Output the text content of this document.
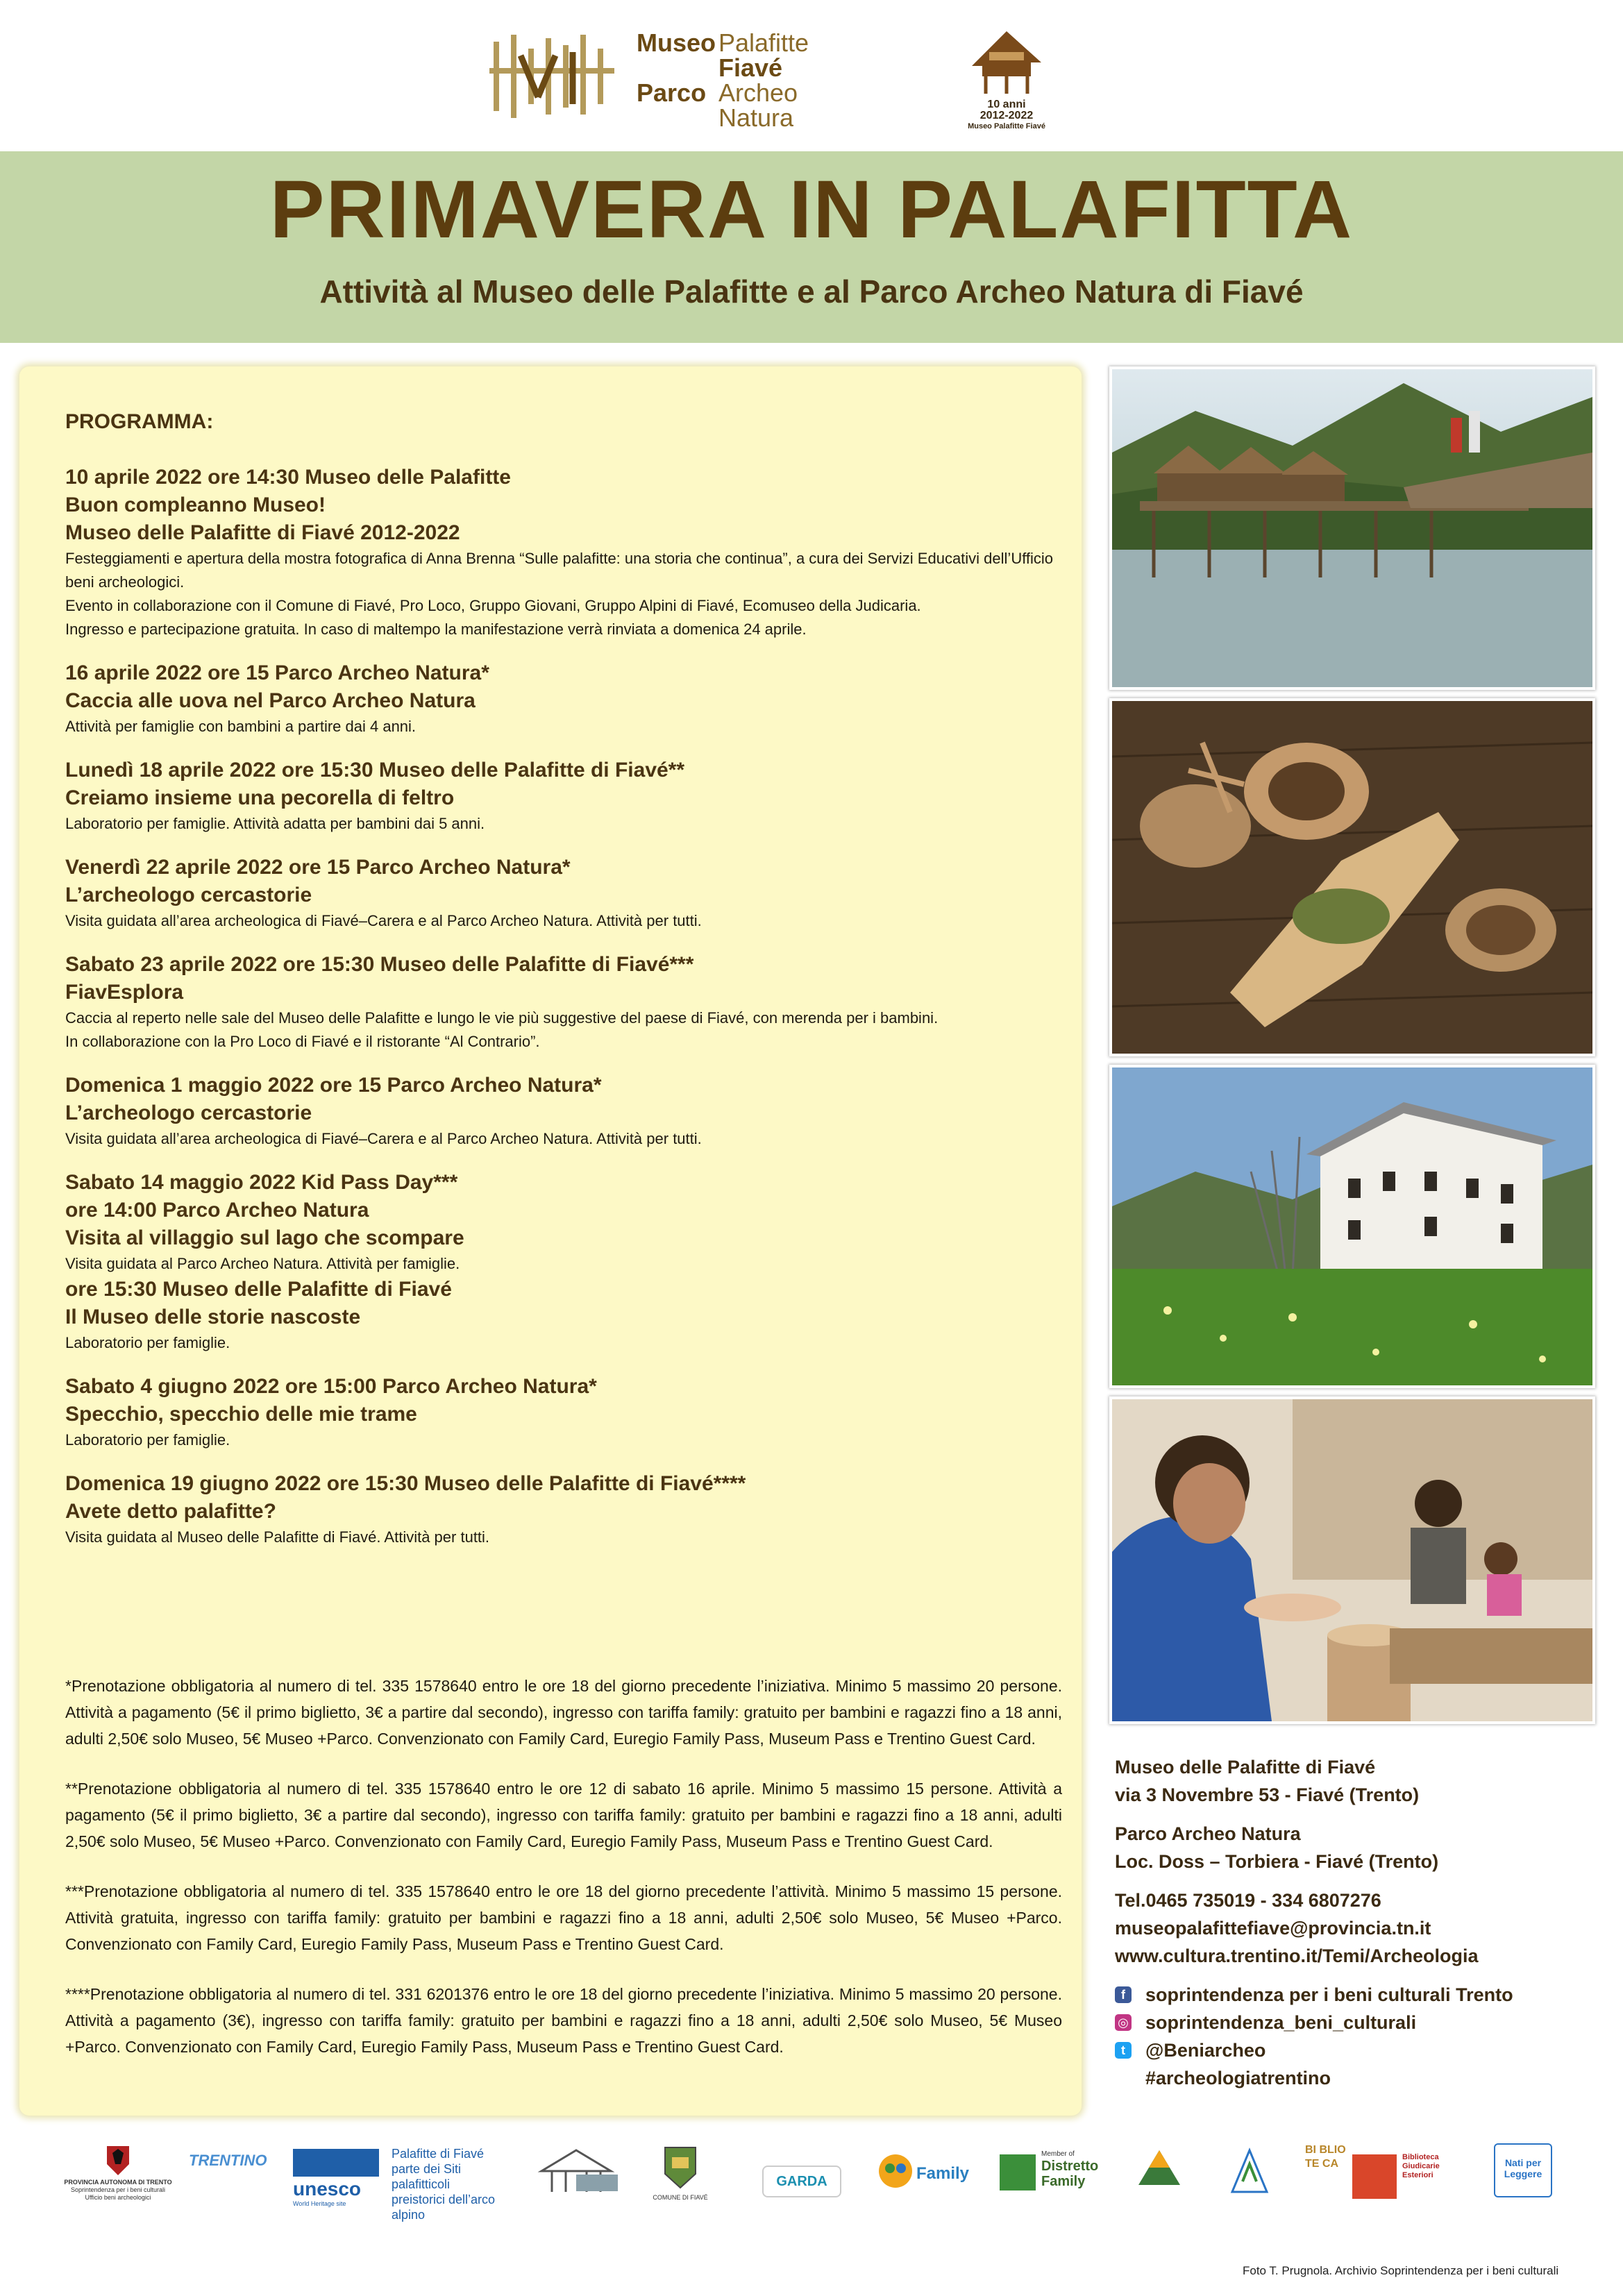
Museo Palafitte
Fiavé
Parco Archeo
Natura	10 anni
2012-2022
Museo Palafitte Fiavé
PRIMAVERA IN PALAFITTA
Attività al Museo delle Palafitte e al Parco Archeo Natura di Fiavé
PROGRAMMA:
10 aprile 2022 ore 14:30 Museo delle Palafitte
Buon compleanno Museo!
Museo delle Palafitte di Fiavé 2012-2022
Festeggiamenti e apertura della mostra fotografica di Anna Brenna “Sulle palafitte: una storia che continua”, a cura dei Servizi Educativi dell’Ufficio beni archeologici.
Evento in collaborazione con il Comune di Fiavé, Pro Loco, Gruppo Giovani, Gruppo Alpini di Fiavé, Ecomuseo della Judicaria.
Ingresso e partecipazione gratuita. In caso di maltempo la manifestazione verrà rinviata a domenica 24 aprile.
16 aprile 2022 ore 15 Parco Archeo Natura*
Caccia alle uova nel Parco Archeo Natura
Attività per famiglie con bambini a partire dai 4 anni.
Lunedì 18 aprile 2022 ore 15:30 Museo delle Palafitte di Fiavé**
Creiamo insieme una pecorella di feltro
Laboratorio per famiglie. Attività adatta per bambini dai 5 anni.
Venerdì 22 aprile 2022 ore 15 Parco Archeo Natura*
L’archeologo cercastorie
Visita guidata all’area archeologica di Fiavé–Carera e al Parco Archeo Natura. Attività per tutti.
Sabato 23 aprile 2022 ore 15:30 Museo delle Palafitte di Fiavé***
FiavEsplora
Caccia al reperto nelle sale del Museo delle Palafitte e lungo le vie più suggestive del paese di Fiavé, con merenda per i bambini.
In collaborazione con la Pro Loco di Fiavé e il ristorante “Al Contrario”.
Domenica 1 maggio 2022 ore 15 Parco Archeo Natura*
L’archeologo cercastorie
Visita guidata all’area archeologica di Fiavé–Carera e al Parco Archeo Natura. Attività per tutti.
Sabato 14 maggio 2022 Kid Pass Day***
ore 14:00 Parco Archeo Natura
Visita al villaggio sul lago che scompare
Visita guidata al Parco Archeo Natura. Attività per famiglie.
ore 15:30 Museo delle Palafitte di Fiavé
Il Museo delle storie nascoste
Laboratorio per famiglie.
Sabato 4 giugno 2022 ore 15:00 Parco Archeo Natura*
Specchio, specchio delle mie trame
Laboratorio per famiglie.
Domenica 19 giugno 2022 ore 15:30 Museo delle Palafitte di Fiavé****
Avete detto palafitte?
Visita guidata al Museo delle Palafitte di Fiavé. Attività per tutti.
*Prenotazione obbligatoria al numero di tel. 335 1578640 entro le ore 18 del giorno precedente l’iniziativa. Minimo 5 massimo 20 persone. Attività a pagamento (5€ il primo biglietto, 3€ a partire dal secondo), ingresso con tariffa family: gratuito per bambini e ragazzi fino a 18 anni, adulti 2,50€ solo Museo, 5€ Museo +Parco. Convenzionato con Family Card, Euregio Family Pass, Museum Pass e Trentino Guest Card.
**Prenotazione obbligatoria al numero di tel. 335 1578640 entro le ore 12 di sabato 16 aprile. Minimo 5 massimo 15 persone. Attività a pagamento (5€ il primo biglietto, 3€ a partire dal secondo), ingresso con tariffa family: gratuito per bambini e ragazzi fino a 18 anni, adulti 2,50€ solo Museo, 5€ Museo +Parco. Convenzionato con Family Card, Euregio Family Pass, Museum Pass e Trentino Guest Card.
***Prenotazione obbligatoria al numero di tel. 335 1578640 entro le ore 18 del giorno precedente l’attività. Minimo 5 massimo 15 persone. Attività gratuita, ingresso con tariffa family: gratuito per bambini e ragazzi fino a 18 anni, adulti 2,50€ solo Museo, 5€ Museo +Parco. Convenzionato con Family Card, Euregio Family Pass, Museum Pass e Trentino Guest Card.
****Prenotazione obbligatoria al numero di tel. 331 6201376 entro le ore 18 del giorno precedente l’iniziativa. Minimo 5 massimo 20 persone. Attività a pagamento (3€), ingresso con tariffa family: gratuito per bambini e ragazzi fino a 18 anni, adulti 2,50€ solo Museo, 5€ Museo +Parco. Convenzionato con Family Card, Euregio Family Pass, Museum Pass e Trentino Guest Card.
Museo delle Palafitte di Fiavé
via 3 Novembre 53 - Fiavé (Trento)
Parco Archeo Natura
Loc. Doss – Torbiera - Fiavé (Trento)
Tel.0465 735019 - 334 6807276
museopalafittefiave@provincia.tn.it
www.cultura.trentino.it/Temi/Archeologia
f	soprintendenza per i beni culturali Trento
◎ soprintendenza_beni_culturali
t	@Beniarcheo
#archeologiatrentino
PROVINCIA AUTONOMA DI TRENTO
Soprintendenza per i beni culturali
Ufficio beni archeologici
TRENTINO
unesco
World Heritage site
Palafitte di Fiavé parte dei Siti palafitticoli preistorici dell’arco alpino
COMUNE DI FIAVÉ
GARDA	Family
Member of
Distretto
Family
BI BLIO TE CA
Biblioteca Giudicarie Esteriori
Nati per
Leggere
Foto T. Prugnola. Archivio Soprintendenza per i beni culturali
